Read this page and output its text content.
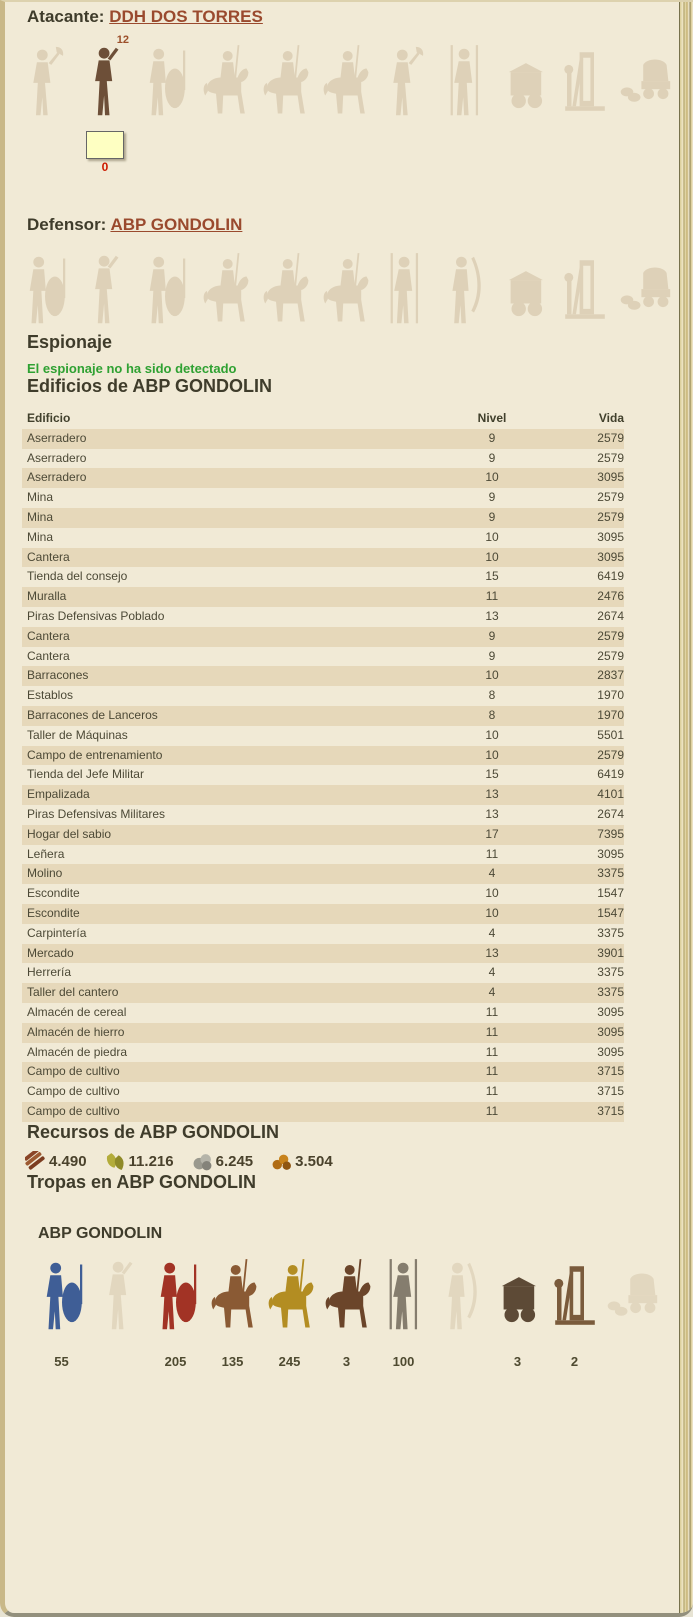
Atacante: DDH DOS TORRES
12
0
Defensor: ABP GONDOLIN
Espionaje

El espionaje no ha sido detectado

Edificios de ABP GONDOLIN
Edificio	Nivel	Vida
Aserradero	9	2579
Aserradero	9	2579
Aserradero	10	3095
Mina	9	2579
Mina	9	2579
Mina	10	3095
Cantera	10	3095
Tienda del consejo	15	6419
Muralla	11	2476
Piras Defensivas Poblado	13	2674
Cantera	9	2579
Cantera	9	2579
Barracones	10	2837
Establos	8	1970
Barracones de Lanceros	8	1970
Taller de Máquinas	10	5501
Campo de entrenamiento	10	2579
Tienda del Jefe Militar	15	6419
Empalizada	13	4101
Piras Defensivas Militares	13	2674
Hogar del sabio	17	7395
Leñera	11	3095
Molino	4	3375
Escondite	10	1547
Escondite	10	1547
Carpintería	4	3375
Mercado	13	3901
Herrería	4	3375
Taller del cantero	4	3375
Almacén de cereal	11	3095
Almacén de hierro	11	3095
Almacén de piedra	11	3095
Campo de cultivo	11	3715
Campo de cultivo	11	3715
Campo de cultivo	11	3715
Recursos de ABP GONDOLIN
4.490	11.216	6.245	3.504
Tropas en ABP GONDOLIN
ABP GONDOLIN
55	205	135	245	3	100	3	2
